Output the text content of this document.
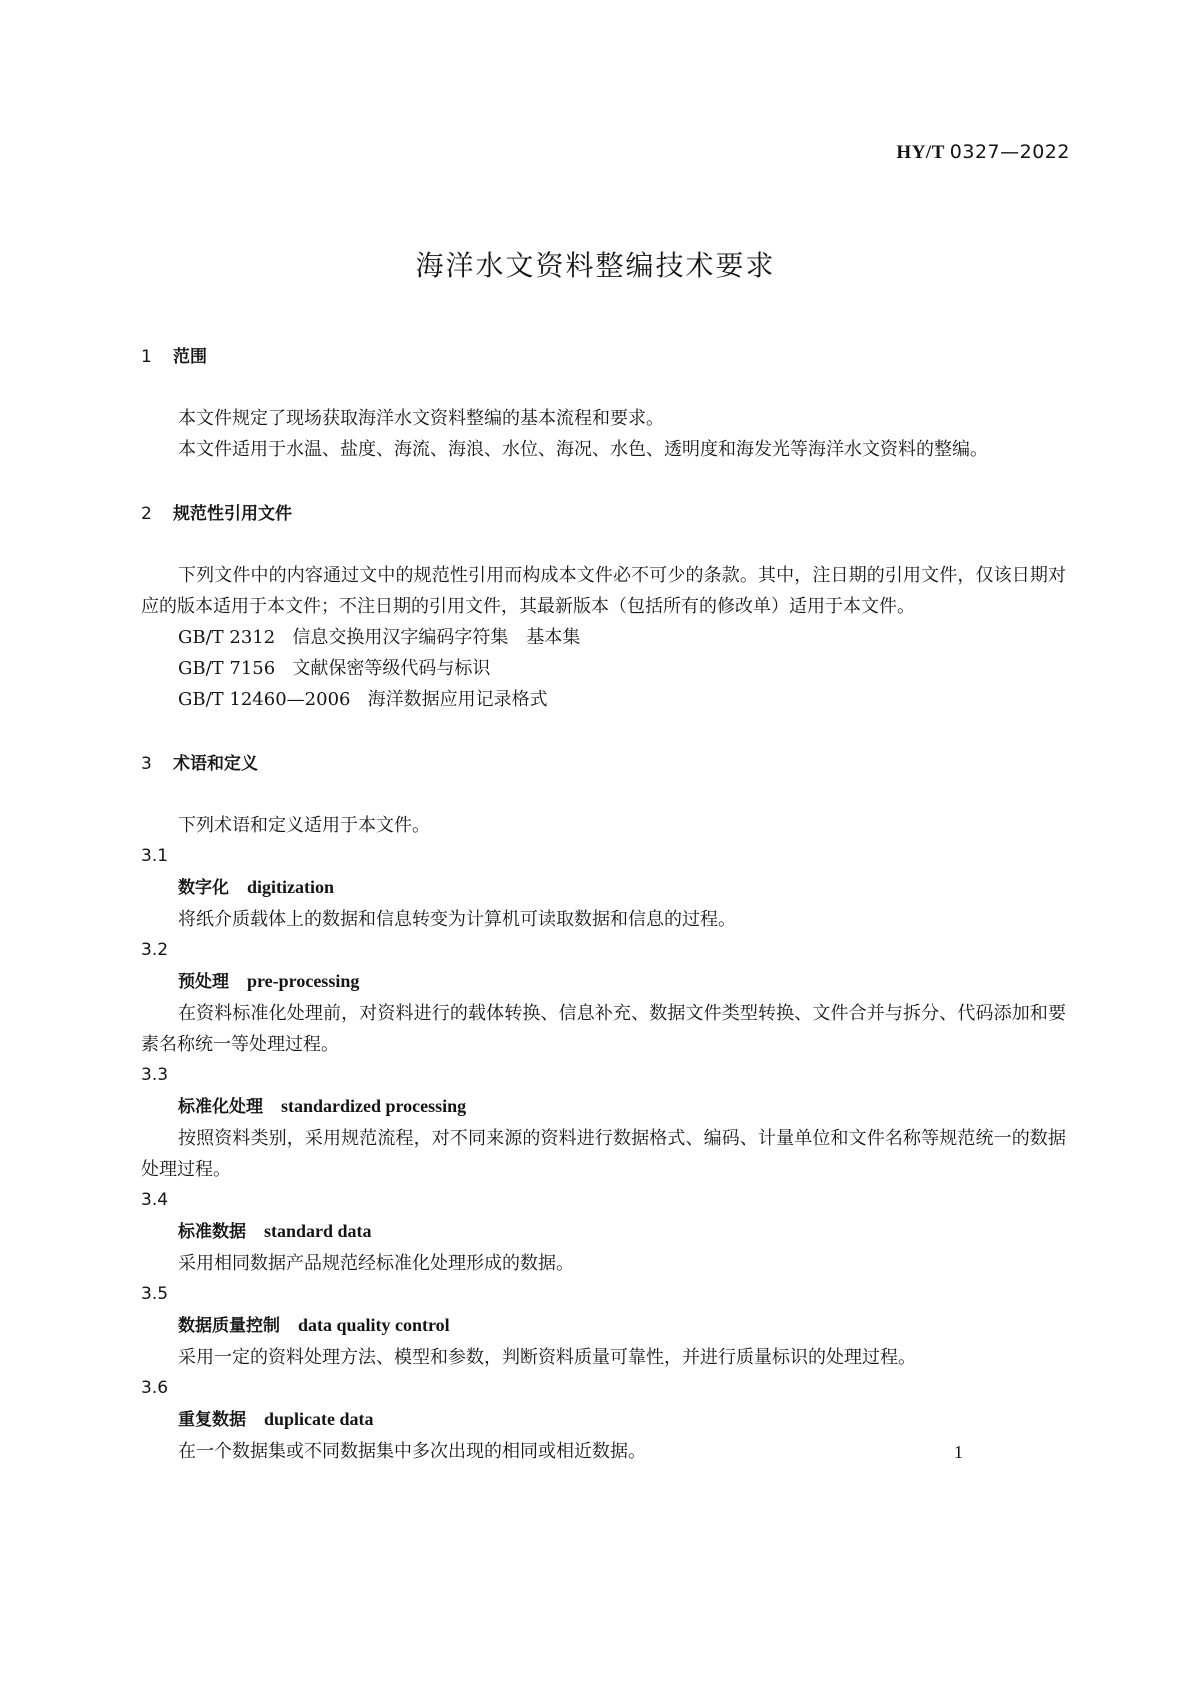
HY/T 0327—2022
海洋水文资料整编技术要求
1 范围
本文件规定了现场获取海洋水文资料整编的基本流程和要求。
本文件适用于水温、盐度、海流、海浪、水位、海况、水色、透明度和海发光等海洋水文资料的整编。
2 规范性引用文件
下列文件中的内容通过文中的规范性引用而构成本文件必不可少的条款。其中，注日期的引用文件，仅该日期对应的版本适用于本文件；不注日期的引用文件，其最新版本（包括所有的修改单）适用于本文件。
GB/T 2312 信息交换用汉字编码字符集　基本集
GB/T 7156 文献保密等级代码与标识
GB/T 12460—2006 海洋数据应用记录格式
3 术语和定义
下列术语和定义适用于本文件。
3.1
数字化 digitization
将纸介质载体上的数据和信息转变为计算机可读取数据和信息的过程。
3.2
预处理 pre-processing
在资料标准化处理前，对资料进行的载体转换、信息补充、数据文件类型转换、文件合并与拆分、代码添加和要素名称统一等处理过程。
3.3
标准化处理 standardized processing
按照资料类别，采用规范流程，对不同来源的资料进行数据格式、编码、计量单位和文件名称等规范统一的数据处理过程。
3.4
标准数据 standard data
采用相同数据产品规范经标准化处理形成的数据。
3.5
数据质量控制 data quality control
采用一定的资料处理方法、模型和参数，判断资料质量可靠性，并进行质量标识的处理过程。
3.6
重复数据 duplicate data
在一个数据集或不同数据集中多次出现的相同或相近数据。	1
